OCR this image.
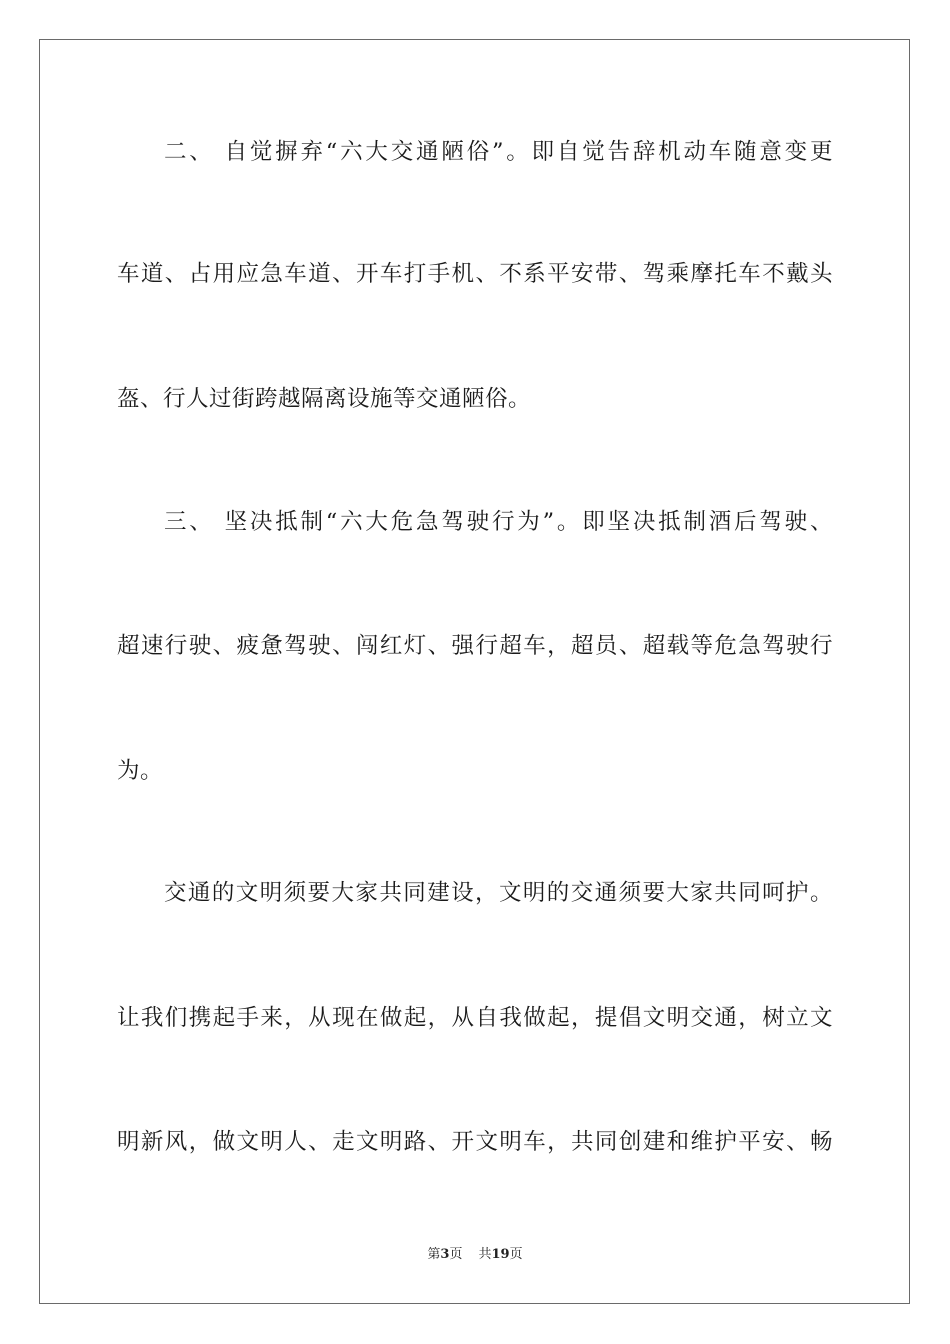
二、 自觉摒弃“六大交通陋俗”。即自觉告辞机动车随意变更
车道、占用应急车道、开车打手机、不系平安带、驾乘摩托车不戴头
盔、行人过街跨越隔离设施等交通陋俗。
三、 坚决抵制“六大危急驾驶行为”。即坚决抵制酒后驾驶、
超速行驶、疲惫驾驶、闯红灯、强行超车，超员、超载等危急驾驶行
为。
交通的文明须要大家共同建设，文明的交通须要大家共同呵护。
让我们携起手来，从现在做起，从自我做起，提倡文明交通，树立文
明新风，做文明人、走文明路、开文明车，共同创建和维护平安、畅
第3页 共19页
